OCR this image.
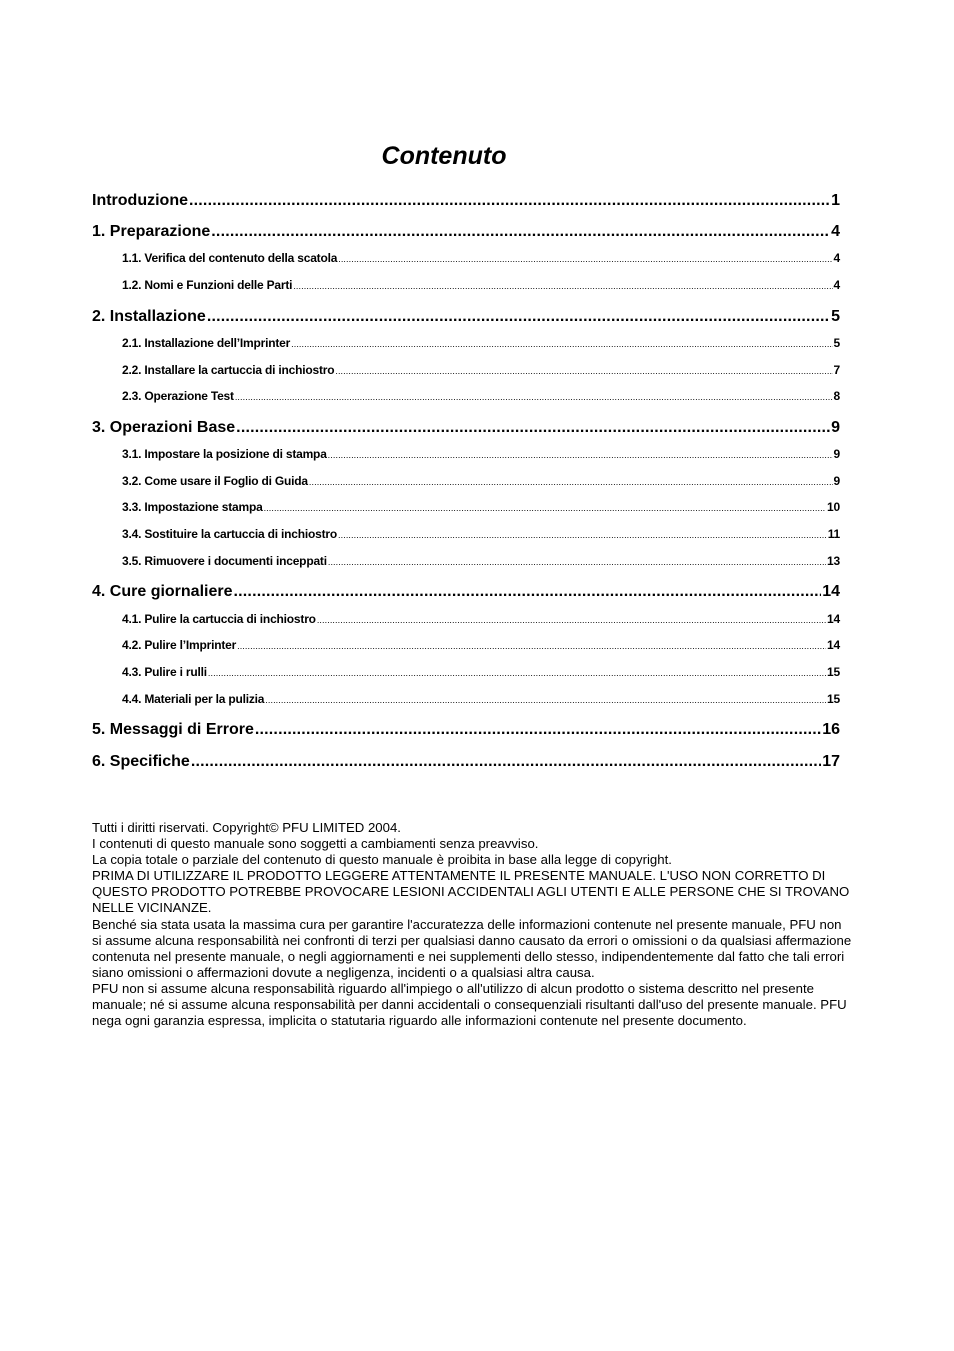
Contenuto
Introduzione .....	1
1. Preparazione .....	4
1.1. Verifica del contenuto della scatola .....	4
1.2. Nomi e Funzioni delle Parti .....	4
2. Installazione .....	5
2.1. Installazione dell’Imprinter .....	5
2.2. Installare la cartuccia di inchiostro .....	7
2.3. Operazione Test .....	8
3. Operazioni Base .....	9
3.1. Impostare la posizione di stampa .....	9
3.2. Come usare il Foglio di Guida .....	9
3.3. Impostazione stampa .....	10
3.4. Sostituire la cartuccia di inchiostro .....	11
3.5. Rimuovere i documenti inceppati .....	13
4. Cure giornaliere .....	14
4.1. Pulire la cartuccia di inchiostro .....	14
4.2. Pulire l’Imprinter .....	14
4.3. Pulire i rulli .....	15
4.4. Materiali per la pulizia .....	15
5. Messaggi di Errore .....	16
6. Specifiche .....	17

Tutti i diritti riservati. Copyright© PFU LIMITED 2004.

I contenuti di questo manuale sono soggetti a cambiamenti senza preavviso.

La copia totale o parziale del contenuto di questo manuale è proibita in base alla legge di copyright.

PRIMA DI UTILIZZARE IL PRODOTTO LEGGERE ATTENTAMENTE IL PRESENTE MANUALE. L'USO NON CORRETTO DI QUESTO PRODOTTO POTREBBE PROVOCARE LESIONI ACCIDENTALI AGLI UTENTI E ALLE PERSONE CHE SI TROVANO NELLE VICINANZE.

Benché sia stata usata la massima cura per garantire l'accuratezza delle informazioni contenute nel presente manuale, PFU non si assume alcuna responsabilità nei confronti di terzi per qualsiasi danno causato da errori o omissioni o da qualsiasi affermazione contenuta nel presente manuale, o negli aggiornamenti e nei supplementi dello stesso, indipendentemente dal fatto che tali errori siano omissioni o affermazioni dovute a negligenza, incidenti o a qualsiasi altra causa.

PFU non si assume alcuna responsabilità riguardo all'impiego o all'utilizzo di alcun prodotto o sistema descritto nel presente manuale; né si assume alcuna responsabilità per danni accidentali o consequenziali risultanti dall'uso del presente manuale. PFU nega ogni garanzia espressa, implicita o statutaria riguardo alle informazioni contenute nel presente documento.
